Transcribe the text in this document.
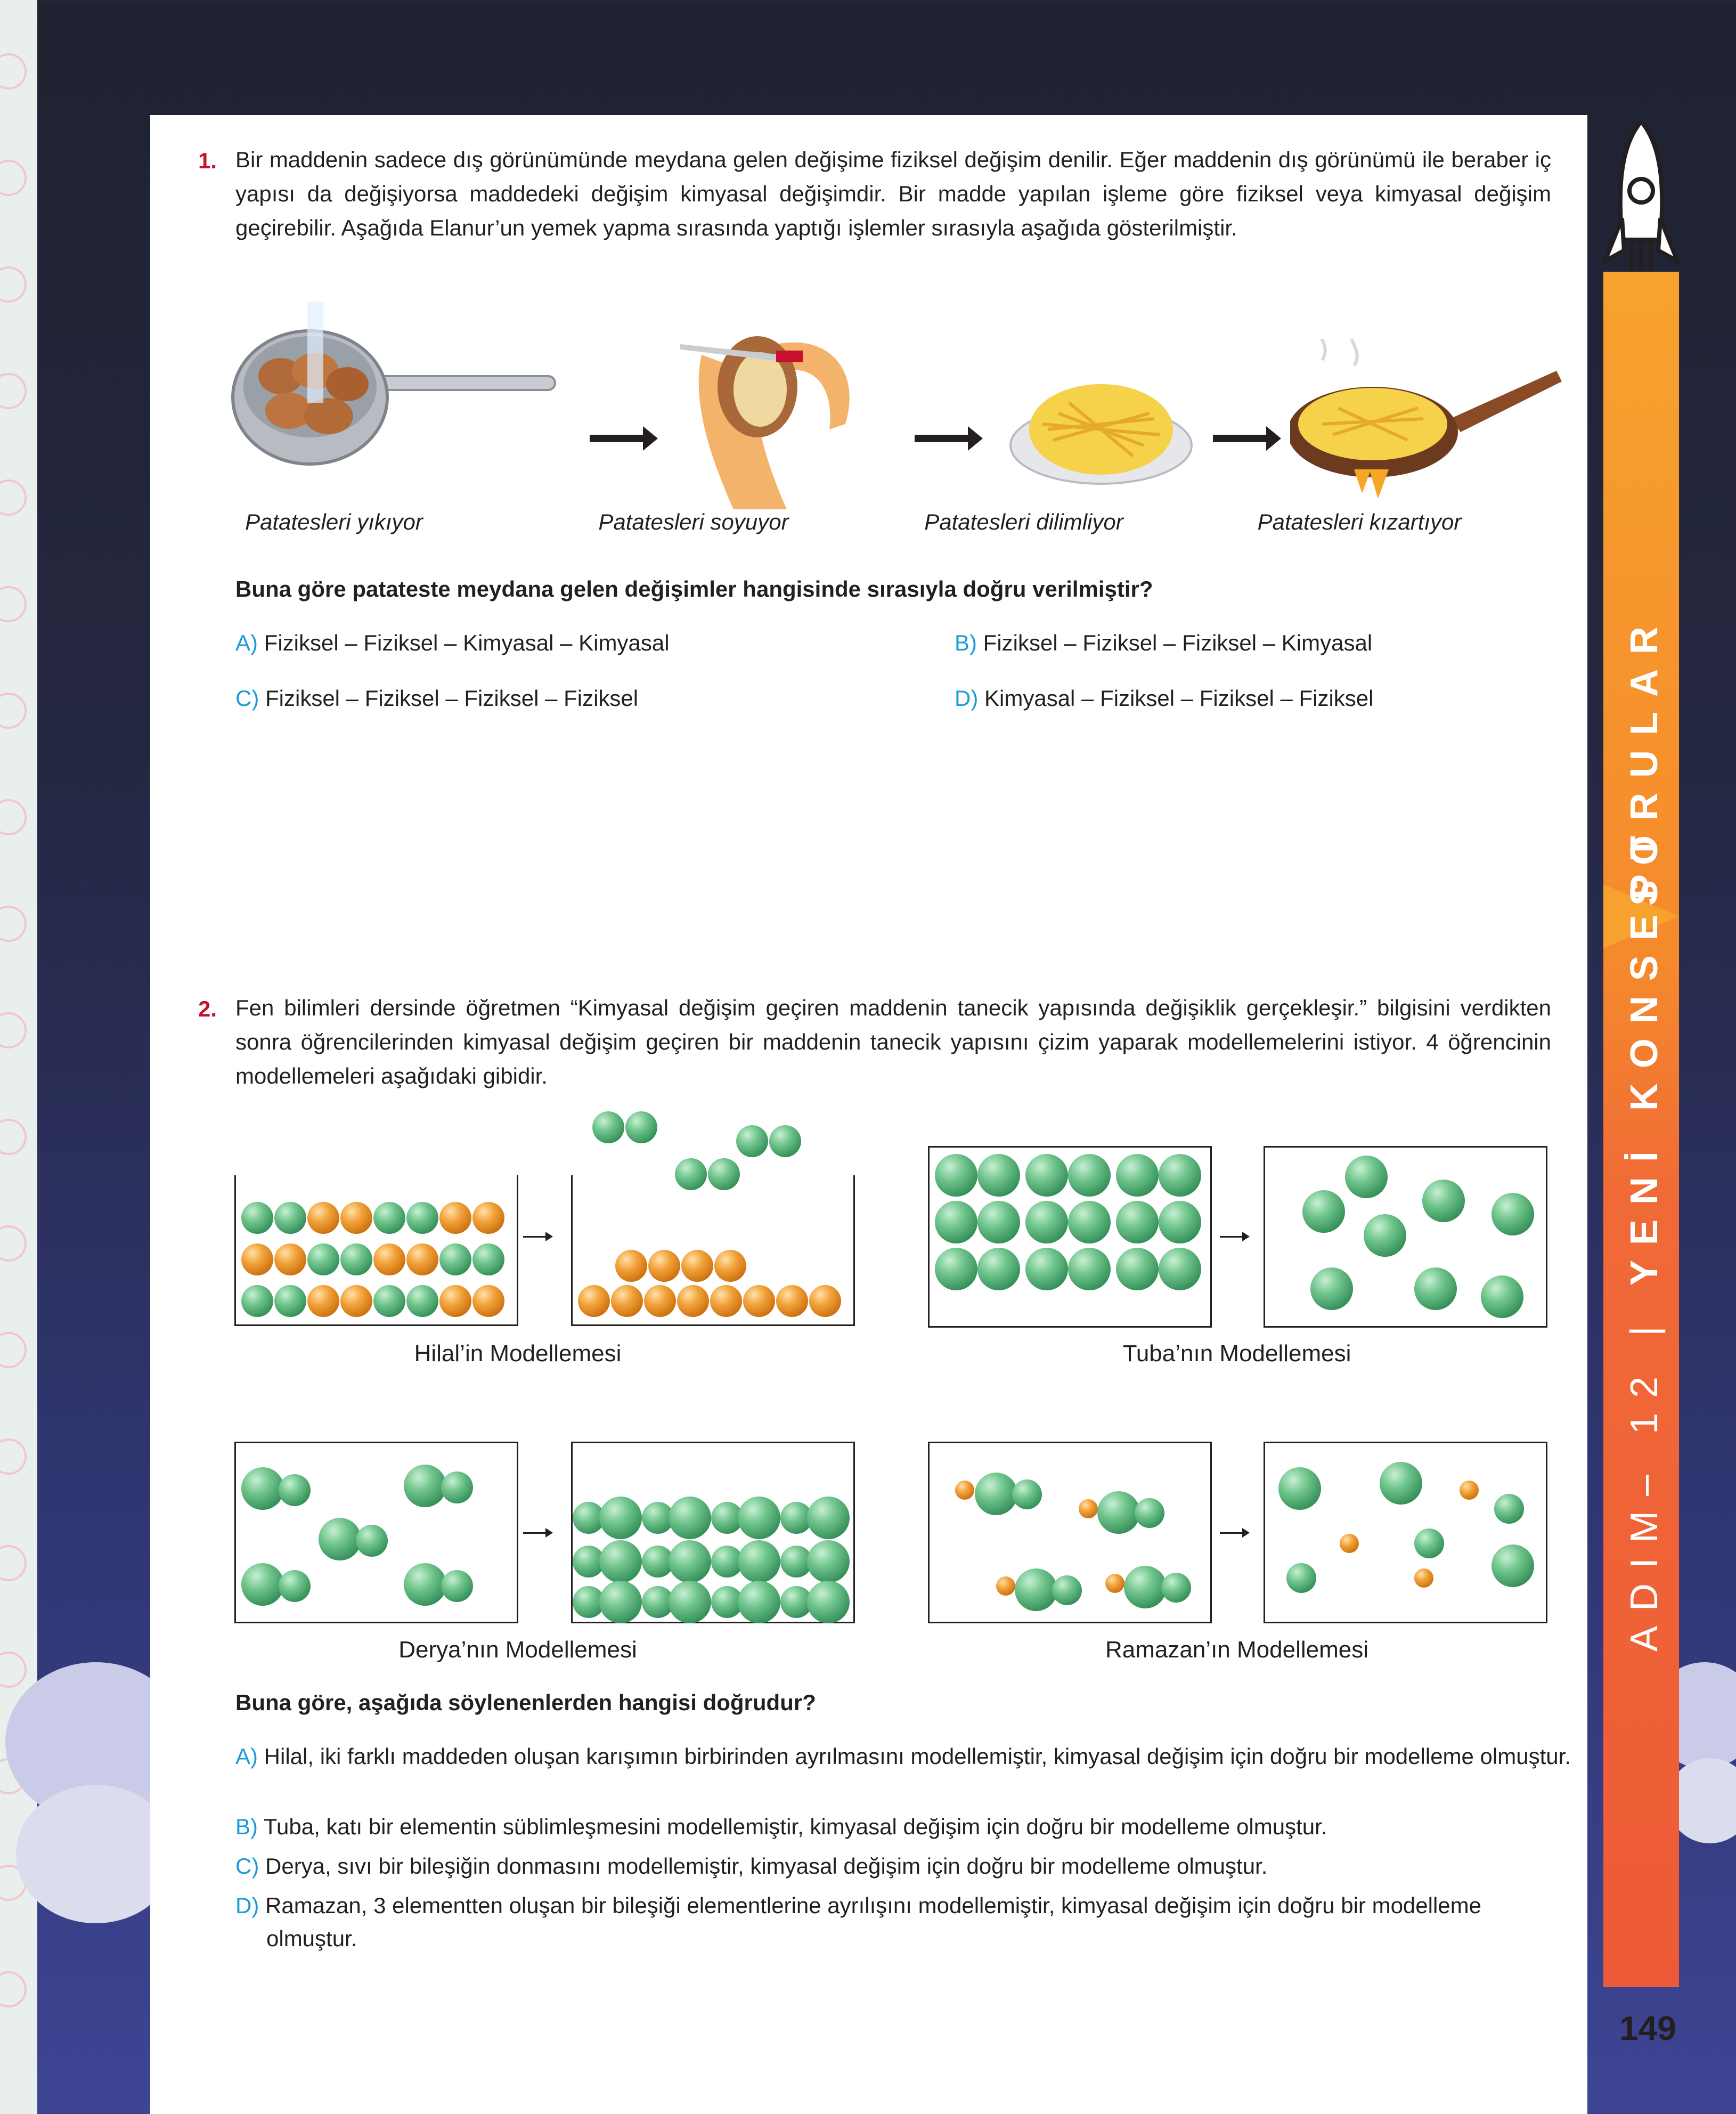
ADIM– 12 | YENİ KONSEPT
SORULAR
149
1. Bir maddenin sadece dış görünümünde meydana gelen değişime fiziksel değişim denilir. Eğer maddenin dış görünümü ile beraber iç yapısı da değişiyorsa maddedeki değişim kimyasal değişimdir. Bir madde yapılan işleme göre fiziksel veya kimyasal değişim geçirebilir. Aşağıda Elanur’un yemek yapma sırasında yaptığı işlemler sırasıyla aşağıda gösterilmiştir.
Patatesleri yıkıyor	Patatesleri soyuyor	Patatesleri dilimliyor	Patatesleri kızartıyor
Buna göre patateste meydana gelen değişimler hangisinde sırasıyla doğru verilmiştir?
A) Fiziksel – Fiziksel – Kimyasal – Kimyasal	B) Fiziksel – Fiziksel – Fiziksel – Kimyasal
C) Fiziksel – Fiziksel – Fiziksel – Fiziksel	D) Kimyasal – Fiziksel – Fiziksel – Fiziksel
2. Fen bilimleri dersinde öğretmen “Kimyasal değişim geçiren maddenin tanecik yapısında değişiklik gerçekleşir.” bilgisini verdikten sonra öğrencilerinden kimyasal değişim geçiren bir maddenin tanecik yapısını çizim yaparak modellemelerini istiyor. 4 öğrencinin modellemeleri aşağıdaki gibidir.
Hilal’in Modellemesi	Tuba’nın Modellemesi
Derya’nın Modellemesi	Ramazan’ın Modellemesi
Buna göre, aşağıda söylenenlerden hangisi doğrudur?
A) Hilal, iki farklı maddeden oluşan karışımın birbirinden ayrılmasını modellemiştir, kimyasal değişim için doğru bir modelleme olmuştur.
B) Tuba, katı bir elementin süblimleşmesini modellemiştir, kimyasal değişim için doğru bir modelleme olmuştur.
C) Derya, sıvı bir bileşiğin donmasını modellemiştir, kimyasal değişim için doğru bir modelleme olmuştur.
D) Ramazan, 3 elementten oluşan bir bileşiği elementlerine ayrılışını modellemiştir, kimyasal değişim için doğru bir modelleme olmuştur.
